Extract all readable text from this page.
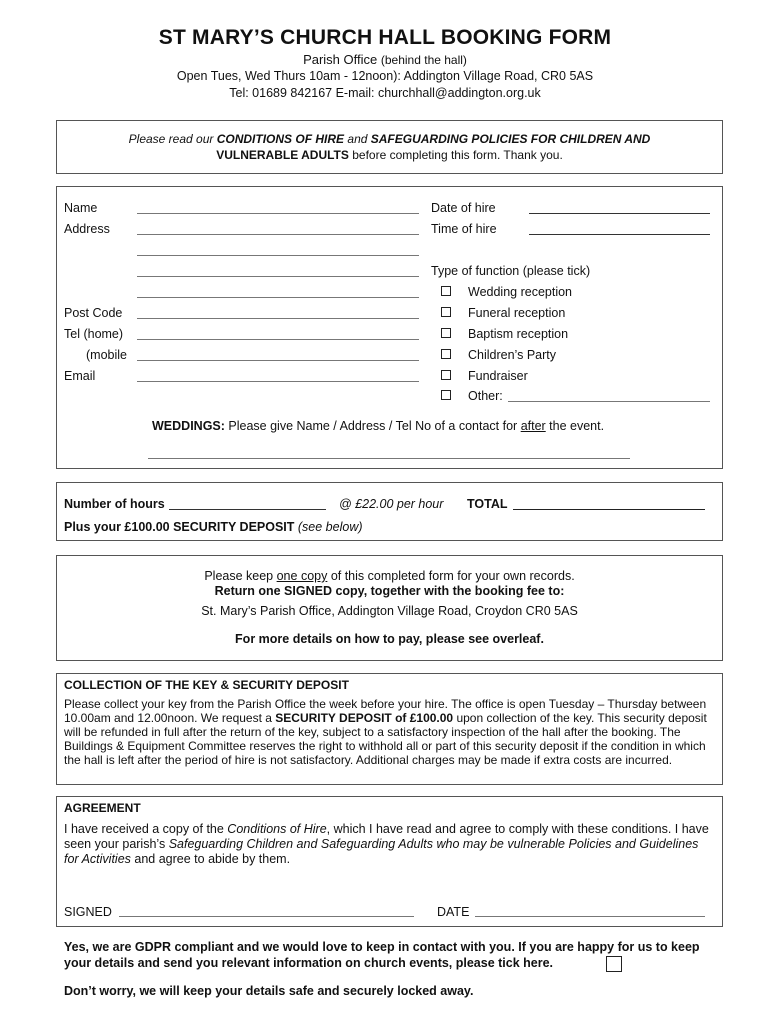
ST MARY’S CHURCH HALL BOOKING FORM
Parish Office (behind the hall)
Open Tues, Wed Thurs 10am - 12noon): Addington Village Road, CR0 5AS
Tel: 01689 842167 E-mail: churchhall@addington.org.uk
Please read our CONDITIONS OF HIRE and SAFEGUARDING POLICIES FOR CHILDREN AND
VULNERABLE ADULTS before completing this form. Thank you.
Name
Address
Post Code
Tel (home)
(mobile
Email
Date of hire
Time of hire
Type of function (please tick)
Wedding reception
Funeral reception
Baptism reception
Children’s Party
Fundraiser
Other:
WEDDINGS: Please give Name / Address / Tel No of a contact for after the event.
Number of hours	@ £22.00 per hour TOTAL
Plus your £100.00 SECURITY DEPOSIT (see below)
Please keep one copy of this completed form for your own records.
Return one SIGNED copy, together with the booking fee to:
St. Mary’s Parish Office, Addington Village Road, Croydon CR0 5AS
For more details on how to pay, please see overleaf.
COLLECTION OF THE KEY & SECURITY DEPOSIT
Please collect your key from the Parish Office the week before your hire. The office is open Tuesday – Thursday between 10.00am and 12.00noon. We request a SECURITY DEPOSIT of £100.00 upon collection of the key. This security deposit will be refunded in full after the return of the key, subject to a satisfactory inspection of the hall after the booking. The Buildings & Equipment Committee reserves the right to withhold all or part of this security deposit if the condition in which the hall is left after the period of hire is not satisfactory. Additional charges may be made if extra costs are incurred.
AGREEMENT
I have received a copy of the Conditions of Hire, which I have read and agree to comply with these conditions. I have seen your parish’s Safeguarding Children and Safeguarding Adults who may be vulnerable Policies and Guidelines for Activities and agree to abide by them.
SIGNED	DATE
Yes, we are GDPR compliant and we would love to keep in contact with you. If you are happy for us to keep your details and send you relevant information on church events, please tick here.
Don’t worry, we will keep your details safe and securely locked away.
